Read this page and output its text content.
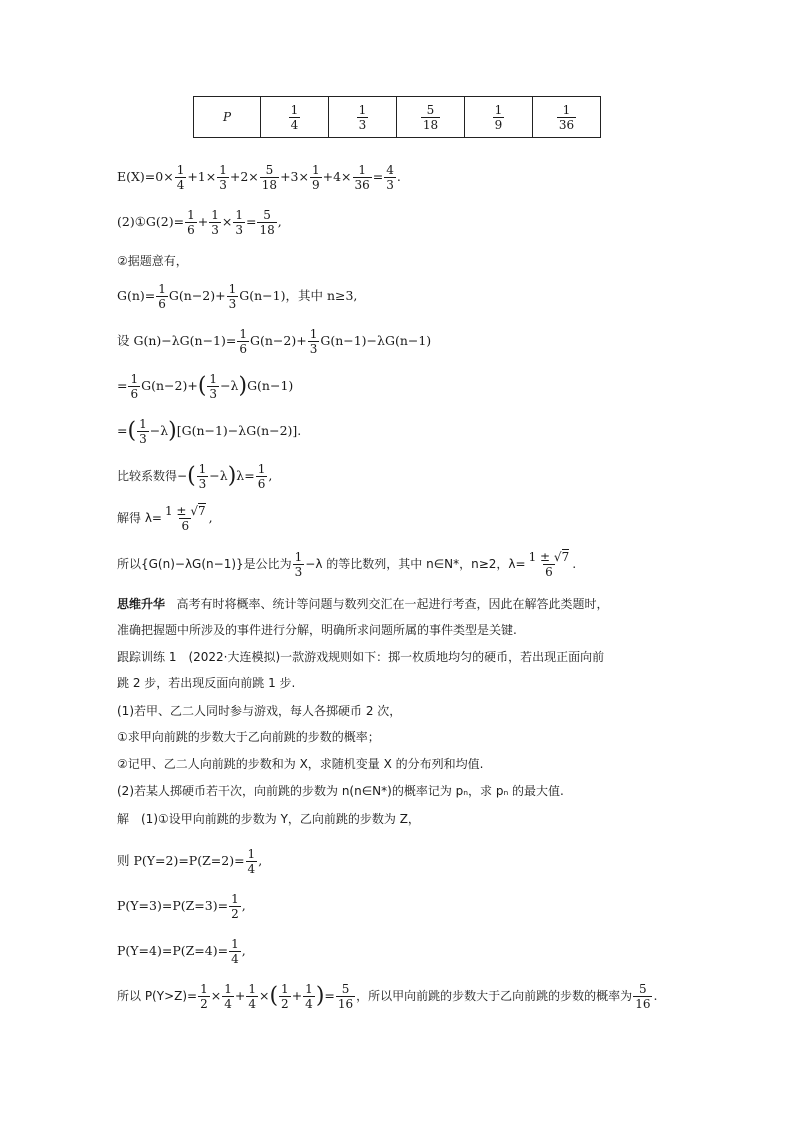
P	$\frac{1}{4}$	$\frac{1}{3}$	$\frac{5}{18}$	$\frac{1}{9}$	$\frac{1}{36}$
$E(X)=0\times \frac{1}{4} +1\times \frac{1}{3} +2\times \frac{5}{18} +3\times \frac{1}{9} +4\times \frac{1}{36} = \frac{4}{3}$ .
(2)①G(2)= $\frac{1}{6} + \frac{1}{3} \times \frac{1}{3} = \frac{5}{18}$ ,
②据题意有，
$G(n)= \frac{1}{6} G(n-2)+ \frac{1}{3} G(n-1)$，其中 n≥3,
设 $G(n)-\lambda G(n-1)= \frac{1}{6} G(n-2)+ \frac{1}{3} G(n-1)-\lambda G(n-1)$
= $\frac{1}{6} G(n-2)+( \frac{1}{3} -\lambda)G(n-1)$
=( $\frac{1}{3} -\lambda)[G(n-1)-\lambda G(n-2)]$.
比较系数得−( $\frac{1}{3} -\lambda)\lambda= \frac{1}{6}$ ,
解得 $\lambda= \frac{1 \pm √7}{6}$ ,
所以{G(n)−λG(n−1)}是公比为 $\frac{1}{3} -\lambda$ 的等比数列，其中 n∈N*，n≥2，$\lambda= \frac{1 \pm √7}{6}$ .
思维升华 高考有时将概率、统计等问题与数列交汇在一起进行考查，因此在解答此类题时，
准确把握题中所涉及的事件进行分解，明确所求问题所属的事件类型是关键.
跟踪训练 1　(2022·大连模拟)一款游戏规则如下：掷一枚质地均匀的硬币，若出现正面向前
跳 2 步，若出现反面向前跳 1 步.
(1)若甲、乙二人同时参与游戏，每人各掷硬币 2 次，
①求甲向前跳的步数大于乙向前跳的步数的概率；
②记甲、乙二人向前跳的步数和为 X，求随机变量 X 的分布列和均值.
(2)若某人掷硬币若干次，向前跳的步数为 n(n∈N*)的概率记为 pₙ，求 pₙ 的最大值.
解　(1)①设甲向前跳的步数为 Y，乙向前跳的步数为 Z，
则 $P(Y=2)=P(Z=2)= \frac{1}{4}$ ,
$P(Y=3)=P(Z=3)= \frac{1}{2}$ ,
$P(Y=4)=P(Z=4)= \frac{1}{4}$ ,
所以 $P(Y>Z)= \frac{1}{2} \times \frac{1}{4} + \frac{1}{4}$ ×( $\frac{1}{2} + \frac{1}{4}$ )= $\frac{5}{16}$ ，所以甲向前跳的步数大于乙向前跳的步数的概率为 $\frac{5}{16}$ .
